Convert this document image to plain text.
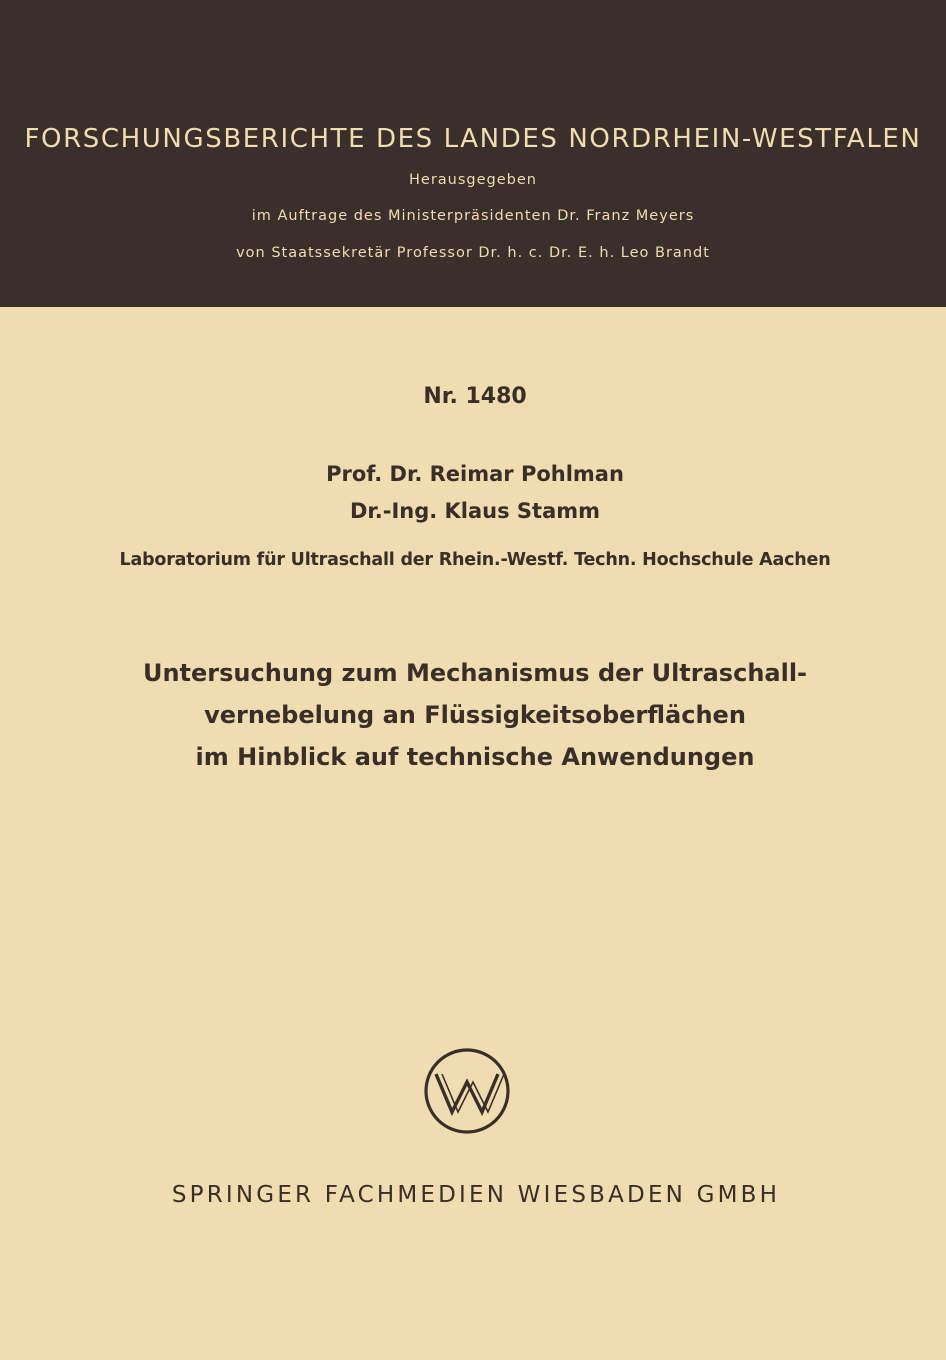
FORSCHUNGSBERICHTE DES LANDES NORDRHEIN-WESTFALEN
Herausgegeben
im Auftrage des Ministerpräsidenten Dr. Franz Meyers
von Staatssekretär Professor Dr. h. c. Dr. E. h. Leo Brandt
Nr. 1480
Prof. Dr. Reimar Pohlman
Dr.-Ing. Klaus Stamm
Laboratorium für Ultraschall der Rhein.-Westf. Techn. Hochschule Aachen
Untersuchung zum Mechanismus der Ultraschall-
vernebelung an Flüssigkeitsoberflächen
im Hinblick auf technische Anwendungen
SPRINGER FACHMEDIEN WIESBADEN GMBH
